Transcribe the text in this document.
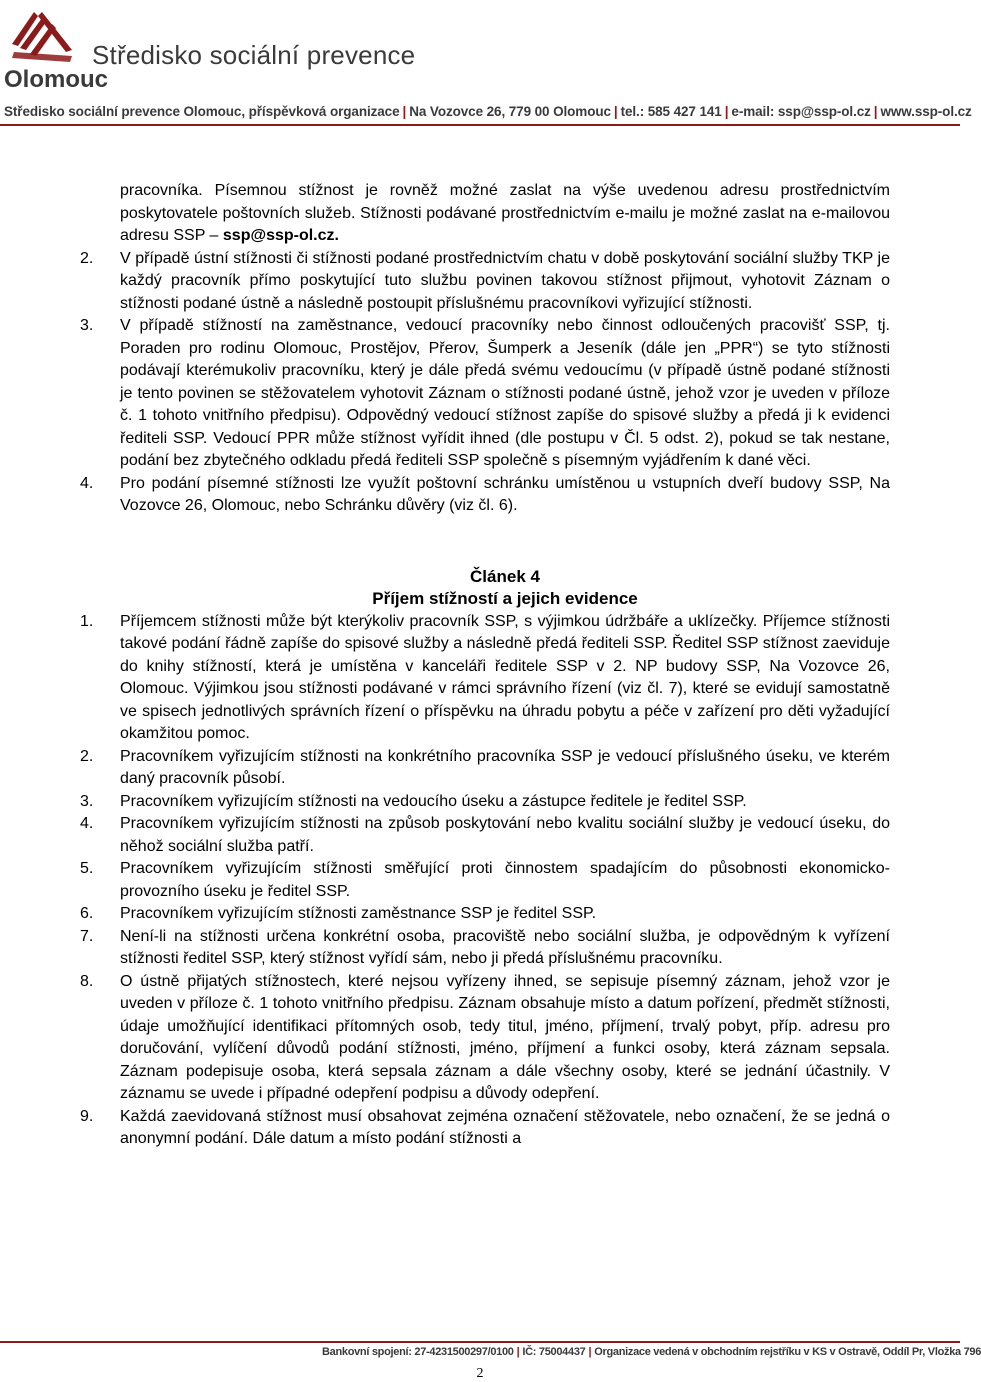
Středisko sociální prevence
Olomouc
Středisko sociální prevence Olomouc, příspěvková organizace | Na Vozovce 26, 779 00 Olomouc | tel.: 585 427 141 | e-mail: ssp@ssp-ol.cz | www.ssp-ol.cz

pracovníka. Písemnou stížnost je rovněž možné zaslat na výše uvedenou adresu prostřednictvím poskytovatele poštovních služeb. Stížnosti podávané prostřednictvím e-mailu je možné zaslat na e-mailovou adresu SSP – ssp@ssp-ol.cz.

2. V případě ústní stížnosti či stížnosti podané prostřednictvím chatu v době poskytování sociální služby TKP je každý pracovník přímo poskytující tuto službu povinen takovou stížnost přijmout, vyhotovit Záznam o stížnosti podané ústně a následně postoupit příslušnému pracovníkovi vyřizující stížnosti.
3. V případě stížností na zaměstnance, vedoucí pracovníky nebo činnost odloučených pracovišť SSP, tj. Poraden pro rodinu Olomouc, Prostějov, Přerov, Šumperk a Jeseník (dále jen „PPR“) se tyto stížnosti podávají kterémukoliv pracovníku, který je dále předá svému vedoucímu (v případě ústně podané stížnosti je tento povinen se stěžovatelem vyhotovit Záznam o stížnosti podané ústně, jehož vzor je uveden v příloze č. 1 tohoto vnitřního předpisu). Odpovědný vedoucí stížnost zapíše do spisové služby a předá ji k evidenci řediteli SSP. Vedoucí PPR může stížnost vyřídit ihned (dle postupu v Čl. 5 odst. 2), pokud se tak nestane, podání bez zbytečného odkladu předá řediteli SSP společně s písemným vyjádřením k dané věci.
4. Pro podání písemné stížnosti lze využít poštovní schránku umístěnou u vstupních dveří budovy SSP, Na Vozovce 26, Olomouc, nebo Schránku důvěry (viz čl. 6).
Článek 4
Příjem stížností a jejich evidence
1. Příjemcem stížnosti může být kterýkoliv pracovník SSP, s výjimkou údržbáře a uklízečky. Příjemce stížnosti takové podání řádně zapíše do spisové služby a následně předá řediteli SSP. Ředitel SSP stížnost zaeviduje do knihy stížností, která je umístěna v kanceláři ředitele SSP v 2. NP budovy SSP, Na Vozovce 26, Olomouc. Výjimkou jsou stížnosti podávané v rámci správního řízení (viz čl. 7), které se evidují samostatně ve spisech jednotlivých správních řízení o příspěvku na úhradu pobytu a péče v zařízení pro děti vyžadující okamžitou pomoc.
2. Pracovníkem vyřizujícím stížnosti na konkrétního pracovníka SSP je vedoucí příslušného úseku, ve kterém daný pracovník působí.
3. Pracovníkem vyřizujícím stížnosti na vedoucího úseku a zástupce ředitele je ředitel SSP.
4. Pracovníkem vyřizujícím stížnosti na způsob poskytování nebo kvalitu sociální služby je vedoucí úseku, do něhož sociální služba patří.
5. Pracovníkem vyřizujícím stížnosti směřující proti činnostem spadajícím do působnosti ekonomicko-provozního úseku je ředitel SSP.
6. Pracovníkem vyřizujícím stížnosti zaměstnance SSP je ředitel SSP.
7. Není-li na stížnosti určena konkrétní osoba, pracoviště nebo sociální služba, je odpovědným k vyřízení stížnosti ředitel SSP, který stížnost vyřídí sám, nebo ji předá příslušnému pracovníku.
8. O ústně přijatých stížnostech, které nejsou vyřízeny ihned, se sepisuje písemný záznam, jehož vzor je uveden v příloze č. 1 tohoto vnitřního předpisu. Záznam obsahuje místo a datum pořízení, předmět stížnosti, údaje umožňující identifikaci přítomných osob, tedy titul, jméno, příjmení, trvalý pobyt, příp. adresu pro doručování, vylíčení důvodů podání stížnosti, jméno, příjmení a funkci osoby, která záznam sepsala. Záznam podepisuje osoba, která sepsala záznam a dále všechny osoby, které se jednání účastnily. V záznamu se uvede i případné odepření podpisu a důvody odepření.
9. Každá zaevidovaná stížnost musí obsahovat zejména označení stěžovatele, nebo označení, že se jedná o anonymní podání. Dále datum a místo podání stížnosti a
Bankovní spojení: 27-4231500297/0100 | IČ: 75004437 | Organizace vedená v obchodním rejstříku v KS v Ostravě, Oddíl Pr, Vložka 796
2
